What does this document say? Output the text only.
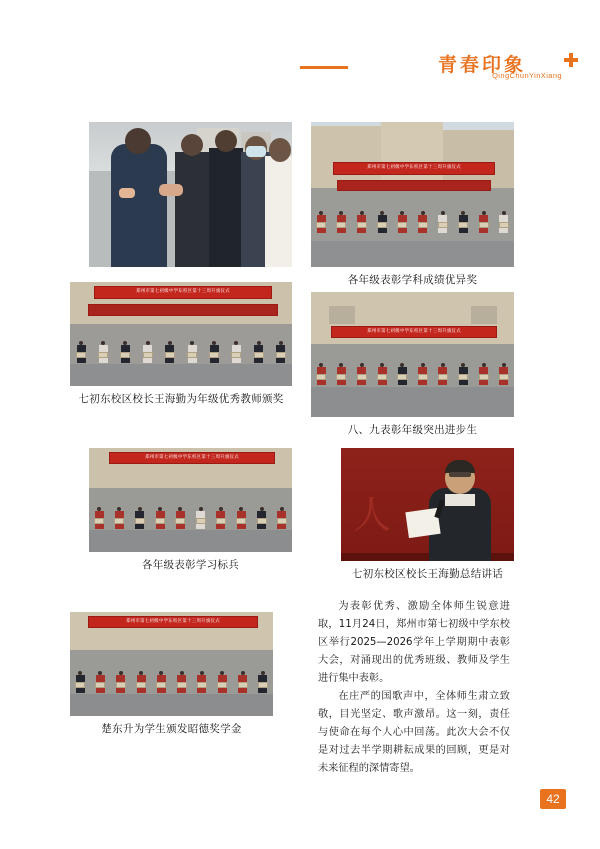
青春印象
QingChunYinXiang
郑州市第七初级中学东校区第十三周升旗仪式
各年级表彰学科成绩优异奖
郑州市第七初级中学东校区第十三周升旗仪式
七初东校区校长王海勤为年级优秀教师颁奖
郑州市第七初级中学东校区第十三周升旗仪式
八、九表彰年级突出进步生
郑州市第七初级中学东校区第十三周升旗仪式
各年级表彰学习标兵
人
七初东校区校长王海勤总结讲话
郑州市第七初级中学东校区第十三周升旗仪式
楚东升为学生颁发昭德奖学金

为表彰优秀、激励全体师生锐意进取，11月24日，郑州市第七初级中学东校区举行2025—2026学年上学期期中表彰大会，对涌现出的优秀班级、教师及学生进行集中表彰。

在庄严的国歌声中，全体师生肃立致敬，目光坚定、歌声激昂。这一刻，责任与使命在每个人心中回荡。此次大会不仅是对过去半学期耕耘成果的回顾，更是对未来征程的深情寄望。

42
